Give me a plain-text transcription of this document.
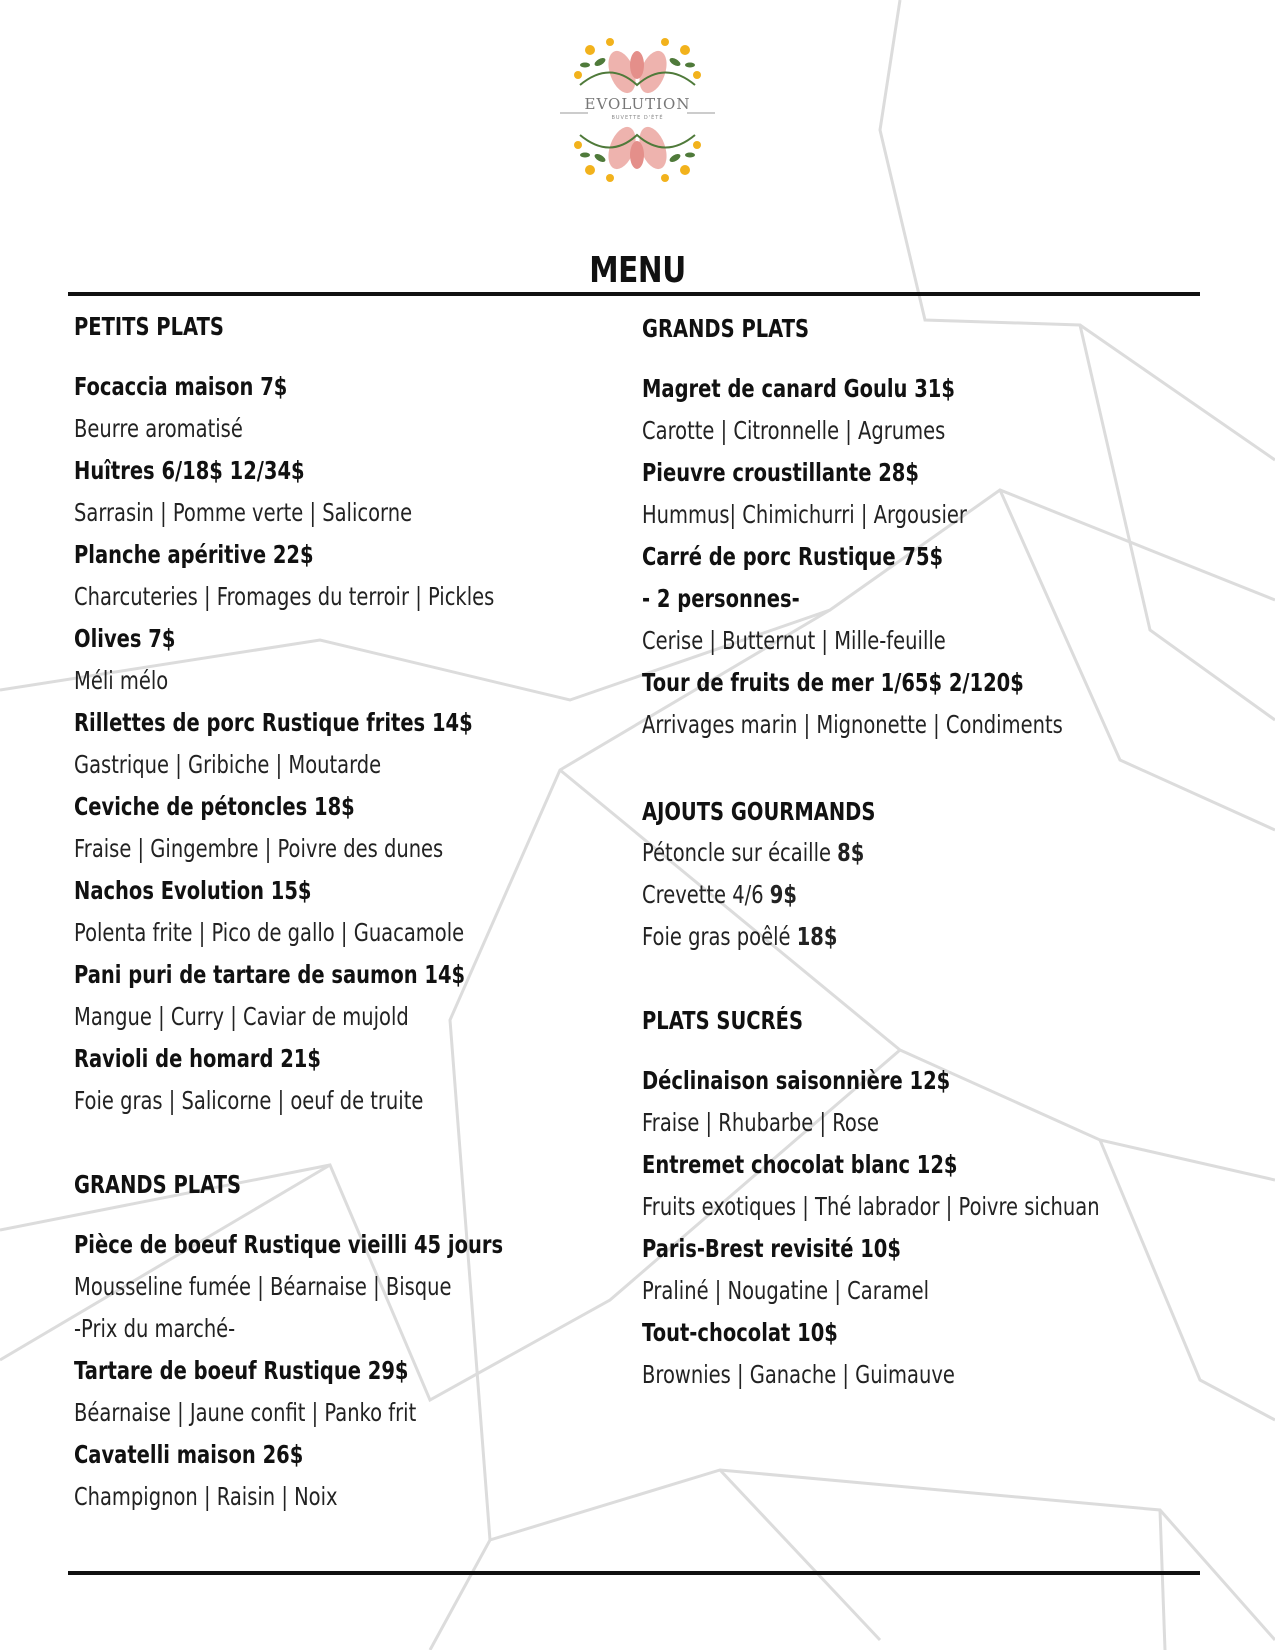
EVOLUTION
BUVETTE D'ÉTÉ
MENU
PETITS PLATS
Focaccia maison 7$
Beurre aromatisé
Huîtres 6/18$ 12/34$
Sarrasin | Pomme verte | Salicorne
Planche apéritive 22$
Charcuteries | Fromages du terroir | Pickles
Olives 7$
Méli mélo
Rillettes de porc Rustique frites 14$
Gastrique | Gribiche | Moutarde
Ceviche de pétoncles 18$
Fraise | Gingembre | Poivre des dunes
Nachos Evolution 15$
Polenta frite | Pico de gallo | Guacamole
Pani puri de tartare de saumon 14$
Mangue | Curry | Caviar de mujold
Ravioli de homard 21$
Foie gras | Salicorne | oeuf de truite
GRANDS PLATS
Pièce de boeuf Rustique vieilli 45 jours
Mousseline fumée | Béarnaise | Bisque
-Prix du marché-
Tartare de boeuf Rustique 29$
Béarnaise | Jaune confit | Panko frit
Cavatelli maison 26$
Champignon | Raisin | Noix
GRANDS PLATS
Magret de canard Goulu 31$
Carotte | Citronnelle | Agrumes
Pieuvre croustillante 28$
Hummus| Chimichurri | Argousier
Carré de porc Rustique 75$
- 2 personnes-
Cerise | Butternut | Mille-feuille
Tour de fruits de mer 1/65$ 2/120$
Arrivages marin | Mignonette | Condiments
AJOUTS GOURMANDS
Pétoncle sur écaille 8$
Crevette 4/6 9$
Foie gras poêlé 18$
PLATS SUCRÉS
Déclinaison saisonnière 12$
Fraise | Rhubarbe | Rose
Entremet chocolat blanc 12$
Fruits exotiques | Thé labrador | Poivre sichuan
Paris-Brest revisité 10$
Praliné | Nougatine | Caramel
Tout-chocolat 10$
Brownies | Ganache | Guimauve
